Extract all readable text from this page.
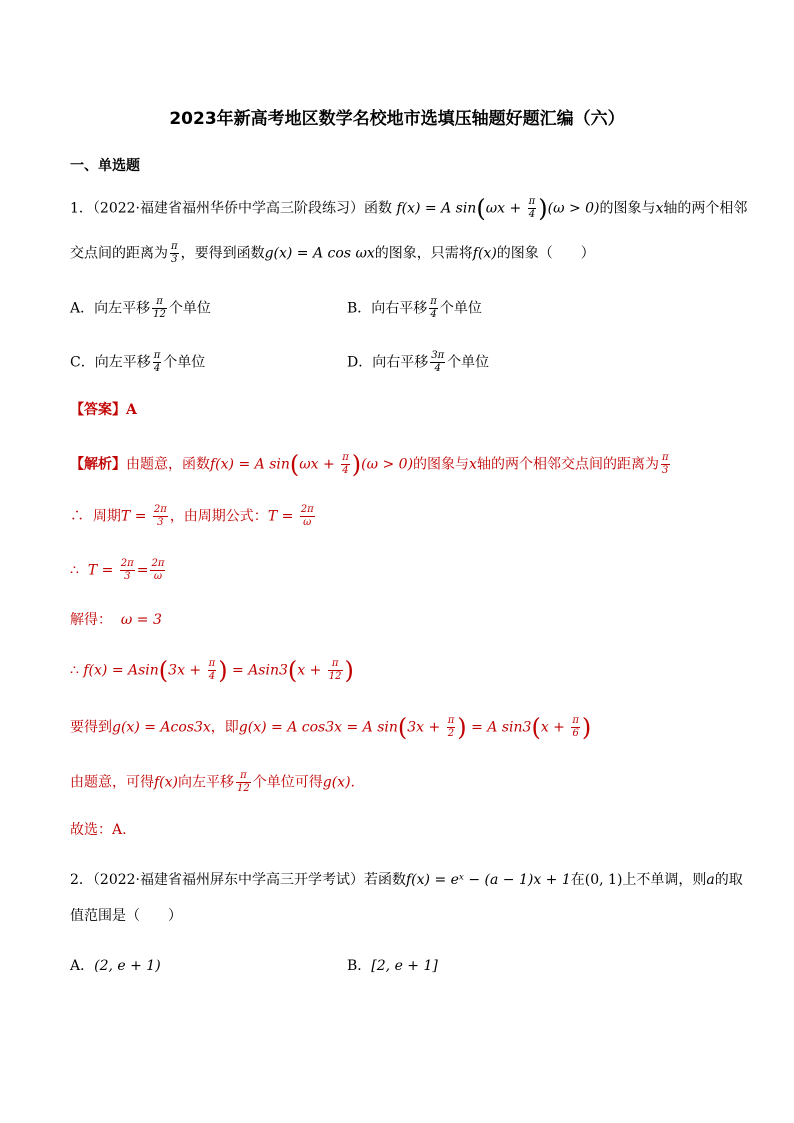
2023年新高考地区数学名校地市选填压轴题好题汇编（六）
一、单选题
1．（2022·福建省福州华侨中学高三阶段练习）函数 f(x) = A $\sin(\omega x + \frac{\pi}{4} )(\omega > 0)$的图象与x轴的两个相邻
交点间的距离为 $\frac{\pi}{3}$ ，要得到函数g(x) = A cos ωx的图象，只需将f(x)的图象（　　）
A．向左平移 $\frac{\pi}{12}$ 个单位	B．向右平移 $\frac{\pi}{4}$ 个单位
C．向左平移 $\frac{\pi}{4}$ 个单位	D．向右平移 $\frac{3\pi}{4}$ 个单位
【答案】A
【解析】由题意，函数f(x) = A $\sin(\omega x + \frac{\pi}{4} )(\omega > 0)$的图象与x轴的两个相邻交点间的距离为 $\frac{\pi}{3}$
∴ 周期$T = \frac{2\pi}{3}$ ，由周期公式：$T = \frac{2\pi}{\omega}$
∴ $T = \frac{2\pi}{3} = \frac{2\pi}{\omega}$
解得： ω = 3
∴ $f(x) = Asin(3x + \frac{\pi}{4}$ ) = $Asin3(x + \frac{\pi}{12}$ )
要得到g(x) = Acos3x，即g(x) = A cos3x = A $\sin(3x + \frac{\pi}{2}$ ) = A $\sin 3(x + \frac{\pi}{6}$ )
由题意，可得f(x)向左平移 $\frac{\pi}{12}$ 个单位可得g(x).
故选：A.
2．（2022·福建省福州屏东中学高三开学考试）若函数f(x) = eˣ − (a − 1)x + 1在(0, 1)上不单调，则a的取
值范围是（　　）
A．(2, e + 1)	B．[2, e + 1]
